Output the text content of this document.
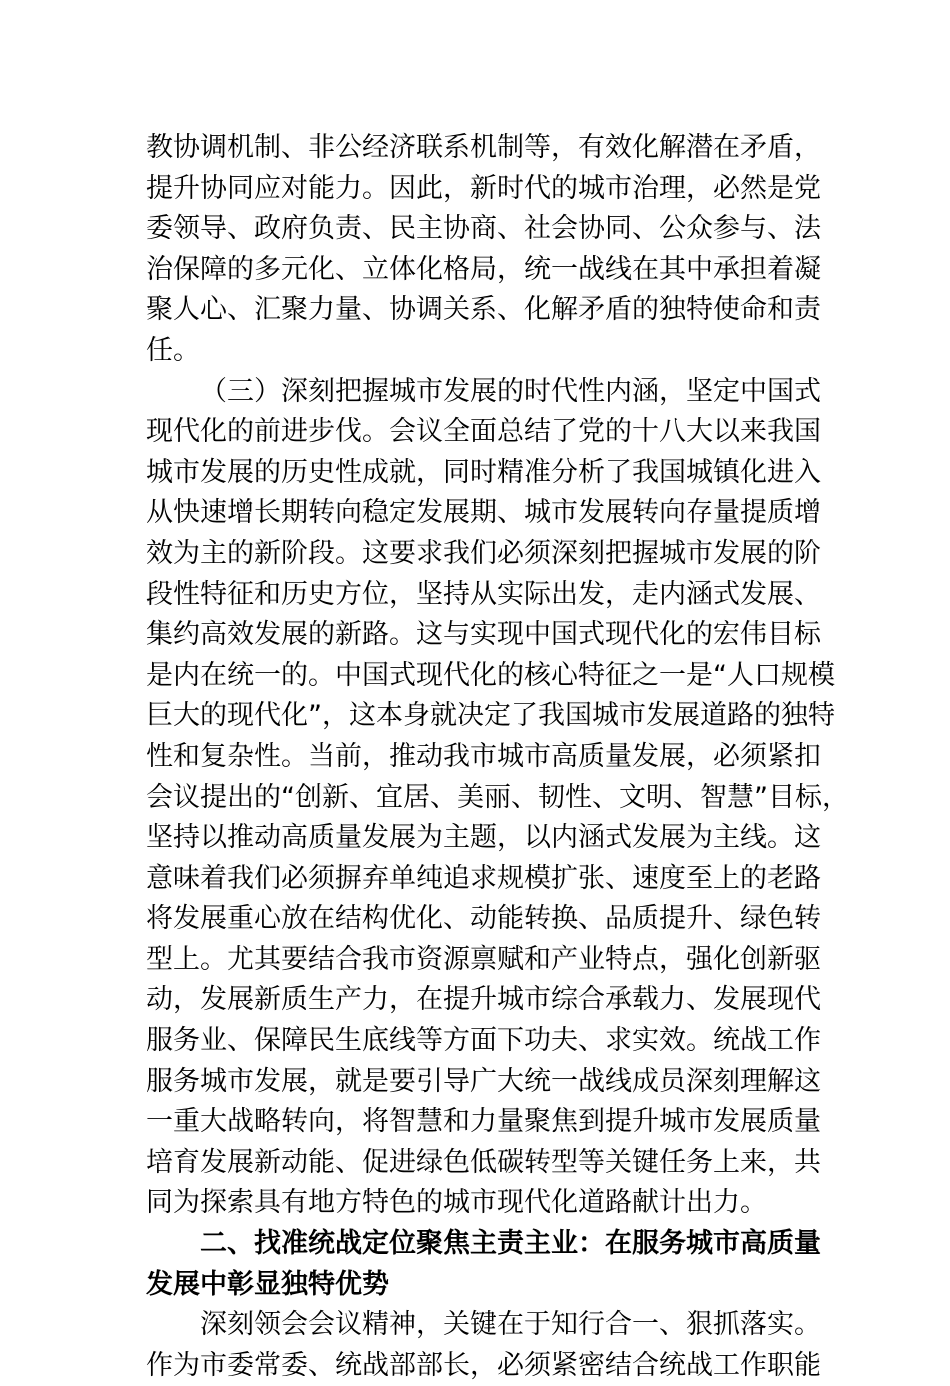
教协调机制、非公经济联系机制等，有效化解潜在矛盾，
提升协同应对能力。因此，新时代的城市治理，必然是党
委领导、政府负责、民主协商、社会协同、公众参与、法
治保障的多元化、立体化格局，统一战线在其中承担着凝
聚人心、汇聚力量、协调关系、化解矛盾的独特使命和责
任。
（三）深刻把握城市发展的时代性内涵，坚定中国式
现代化的前进步伐。会议全面总结了党的十八大以来我国
城市发展的历史性成就，同时精准分析了我国城镇化进入
从快速增长期转向稳定发展期、城市发展转向存量提质增
效为主的新阶段。这要求我们必须深刻把握城市发展的阶
段性特征和历史方位，坚持从实际出发，走内涵式发展、
集约高效发展的新路。这与实现中国式现代化的宏伟目标
是内在统一的。中国式现代化的核心特征之一是“人口规模
巨大的现代化”，这本身就决定了我国城市发展道路的独特
性和复杂性。当前，推动我市城市高质量发展，必须紧扣
会议提出的“创新、宜居、美丽、韧性、文明、智慧”目标，
坚持以推动高质量发展为主题，以内涵式发展为主线。这
意味着我们必须摒弃单纯追求规模扩张、速度至上的老路
将发展重心放在结构优化、动能转换、品质提升、绿色转
型上。尤其要结合我市资源禀赋和产业特点，强化创新驱
动，发展新质生产力，在提升城市综合承载力、发展现代
服务业、保障民生底线等方面下功夫、求实效。统战工作
服务城市发展，就是要引导广大统一战线成员深刻理解这
一重大战略转向，将智慧和力量聚焦到提升城市发展质量
培育发展新动能、促进绿色低碳转型等关键任务上来，共
同为探索具有地方特色的城市现代化道路献计出力。
二、找准统战定位聚焦主责主业：在服务城市高质量
发展中彰显独特优势
深刻领会会议精神，关键在于知行合一、狠抓落实。
作为市委常委、统战部部长，必须紧密结合统战工作职能
